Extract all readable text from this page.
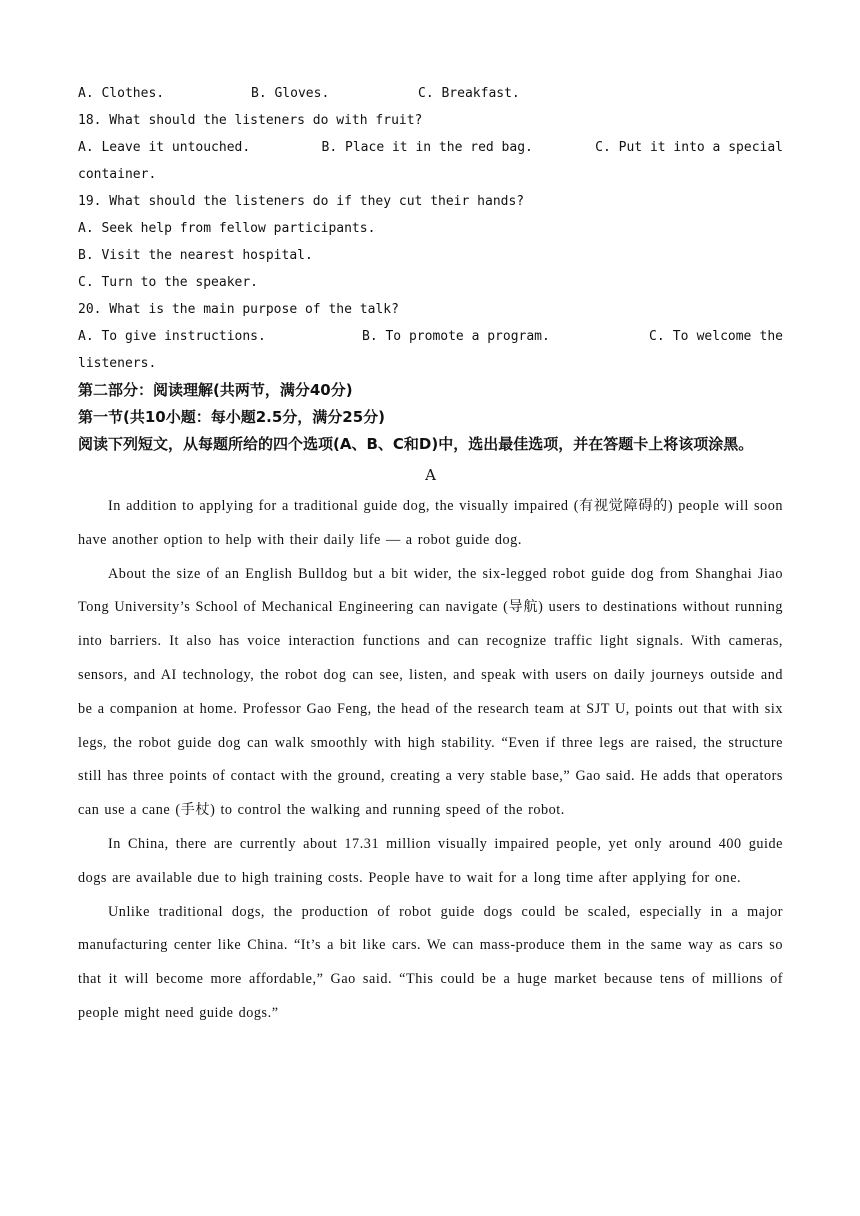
A. Clothes.	B. Gloves.	C. Breakfast.
18. What should the listeners do with fruit?
A. Leave it untouched.	B. Place it in the red bag.	C. Put it into a special
container.
19. What should the listeners do if they cut their hands?
A. Seek help from fellow participants.
B. Visit the nearest hospital.
C. Turn to the speaker.
20. What is the main purpose of the talk?
A. To give instructions.	B. To promote a program.	C. To welcome the
listeners.
第二部分：阅读理解(共两节，满分40分)
第一节(共10小题：每小题2.5分，满分25分)
阅读下列短文，从每题所给的四个选项(A、B、C和D)中，选出最佳选项，并在答题卡上将该项涂黑。
A

In addition to applying for a traditional guide dog, the visually impaired (有视觉障碍的) people will soon have another option to help with their daily life — a robot guide dog.

About the size of an English Bulldog but a bit wider, the six-legged robot guide dog from Shanghai Jiao Tong University’s School of Mechanical Engineering can navigate (导航) users to destinations without running into barriers. It also has voice interaction functions and can recognize traffic light signals. With cameras, sensors, and AI technology, the robot dog can see, listen, and speak with users on daily journeys outside and be a companion at home. Professor Gao Feng, the head of the research team at SJT U, points out that with six legs, the robot guide dog can walk smoothly with high stability. “Even if three legs are raised, the structure still has three points of contact with the ground, creating a very stable base,” Gao said. He adds that operators can use a cane (手杖) to control the walking and running speed of the robot.

In China, there are currently about 17.31 million visually impaired people, yet only around 400 guide dogs are available due to high training costs. People have to wait for a long time after applying for one.

Unlike traditional dogs, the production of robot guide dogs could be scaled, especially in a major manufacturing center like China. “It’s a bit like cars. We can mass-produce them in the same way as cars so that it will become more affordable,” Gao said. “This could be a huge market because tens of millions of people might need guide dogs.”
